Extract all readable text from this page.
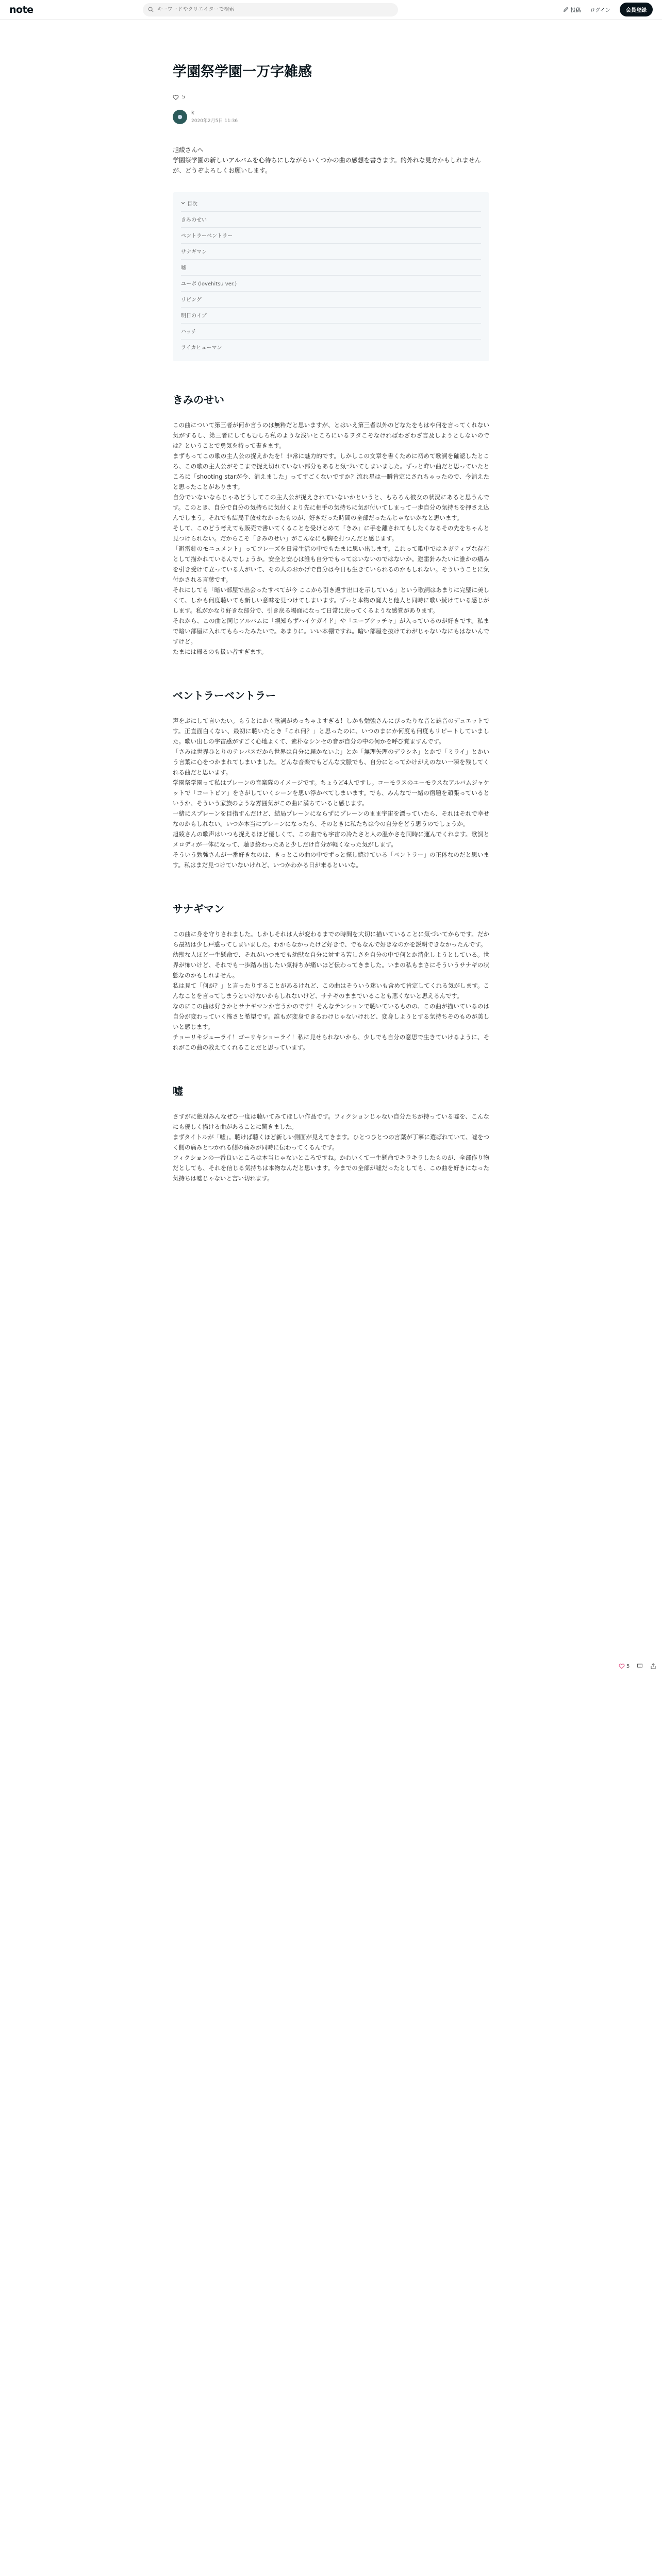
note
キーワードやクリエイターで検索	投稿 ログイン	会員登録
学園祭学園一万字雑感
5
●
k
2020年2月5日 11:36

旭綾さんへ

学園祭学園の新しいアルバムを心待ちにしながらいくつかの曲の感想を書きます。的外れな見方かもしれませんが、どうぞよろしくお願いします。

目次
きみのせい
ベントラーベントラー
サナギマン
嘘
ユーポ (lovehitsu ver.)
リビング
明日のイブ
ハッチ
ライカヒューマン
きみのせい

この曲について第三者が何か言うのは無粋だと思いますが、とはいえ第三者以外のどなたをもはや何を言ってくれない気がするし、第三者にしてもむしろ私のような浅いところにいるヲタこそなければわざわざ言及しようとしないのでは？ということで勇気を持って書きます。

まずもってこの歌の主人公の捉えかたを！非常に魅力的です。しかしこの文章を書くために初めて歌詞を確認したところ、この歌の主人公がそこまで捉え切れていない部分もあると気づいてしまいました。ずっと昨い曲だと思っていたところに「shooting starが今、消えました」ってすごくないですか？流れ星は一瞬肯定にされちゃったので、今消えたと思ったことがあります。

自分でいないならじゃあどうしてこの主人公が捉えきれていないかというと、もちろん彼女の状況にあると思うんです。このとき、自分で自分の気持ちに気付くより先に相手の気持ちに気が付いてしまって一歩自分の気持ちを押さえ込んでしまう。それでも結局手放せなかったものが、好きだった時間の全部だったんじゃないかなと思います。

そして、このどう考えても販売で書いてくることを受けとめて「きみ」に手を離されてもしたくなるその先をちゃんと見つけられない。だからこそ「きみのせい」がこんなにも胸を打つんだと感じます。

「避雷針のモニュメント」ってフレーズを日常生活の中でもたまに思い出します。これって歌中ではネガティブな存在として描かれているんでしょうか。安全と安心は誰も自分でもってはいないのではないか。避雷針みたいに誰かの痛みを引き受けて立っている人がいて、その人のおかげで自分は今日も生きていられるのかもしれない。そういうことに気付かされる言葉です。

それにしても「暗い部屋で出会ったすべてが今 ここから引き返す出口を示している」という歌詞はあまりに完璧に美しくて、しかも何度聴いても新しい意味を見つけてしまいます。ずっと本物の寛大と他人と同時に歌い続けている感じがします。私がかなり好きな部分で、引き戻る場面になって日常に戻ってくるような感覚があります。

それから、この曲と同じアルバムに「親知らずハイケガイド」や「ユーブケッチャ」が入っているのが好きです。私まで暗い部屋に入れてもらったみたいで。あまりに。いい本棚ですね。暗い部屋を抜けてわがじゃないなにもはないんですけど。

たまには帰るのも扱い者すぎます。

ベントラーベントラー

声をぶにして言いたい。もうとにかく歌詞がめっちゃよすぎる！しかも勉強さんにぴったりな音と雑音のデュエットです。正直面白くない、最初に聴いたとき「これ何？」と思ったのに、いつのまにか何度も何度もリピートしていました。歌い出しの宇宙感がすごく心地よくて、素朴なシンセの音が自分の中の何かを呼び覚ますんです。

「さみは世界ひとりのテレパスだから世界は自分に届かないよ」とか「無理矢理のデラシネ」とかで「ミライ」とかいう言葉に心をつかまれてしまいました。どんな音楽でもどんな文脈でも、自分にとってかけがえのない一瞬を残してくれる曲だと思います。

学園祭学園って私はプレーンの音楽隊のイメージです。ちょうど4人ですし。コーモラスのユーモラスなアルバムジャケットで「コートピア」をさがしていくシーンを思い浮かべてしまいます。でも、みんなで一緒の宿題を頑張っているというか、そういう家族のような雰囲気がこの曲に満ちていると感じます。

一緒にスプレーンを目指すんだけど、結局プレーンにならずにプレーンのまま宇宙を漂っていたら、それはそれで幸せなのかもしれない。いつか本当にプレーンになったら、そのときに私たちは今の自分をどう思うのでしょうか。

旭綾さんの歌声はいつも捉えるほど優しくて、この曲でも宇宙の冷たさと人の温かさを同時に運んでくれます。歌詞とメロディが一体になって、聴き終わったあと少しだけ自分が軽くなった気がします。

そういう勉強さんが一番好きなのは、きっとこの曲の中でずっと探し続けている「ベントラー」の正体なのだと思います。私はまだ見つけていないけれど、いつかわかる日が来るといいな。

サナギマン

この曲に身を守りされました。しかしそれは人が変わるまでの時間を大切に描いていることに気づいてからです。だから最初は少し戸惑ってしまいました。わからなかったけど好きで、でもなんで好きなのかを説明できなかったんです。

幼獣な人ほど一生懸命で、それがいつまでも幼獣な自分に対する苦しさを自分の中で何とか消化しようとしている。世界が怖いけど、それでも一歩踏み出したい気持ちが痛いほど伝わってきました。いまの私もまさにそういうサナギの状態なのかもしれません。

私は見て「何が？」と言ったりすることがあるけれど、この曲はそういう迷いも含めて肯定してくれる気がします。こんなことを言ってしまうといけないかもしれないけど、サナギのままでいることも悪くないと思えるんです。

なのにこの曲は好きかとサナギマンか言うかのです！そんなテンションで聴いているものの、この曲が描いているのは自分が変わっていく怖さと希望です。誰もが変身できるわけじゃないけれど、変身しようとする気持ちそのものが美しいと感じます。

チョーリキジュ—ライ！ゴーリキショーライ！私に見せられないから、少しでも自分の意思で生きていけるように、それがこの曲の教えてくれることだと思っています。

嘘

さすがに絶対みんなぜひ一度は聴いてみてほしい作品です。フィクションじゃない自分たちが持っている嘘を、こんなにも優しく描ける曲があることに驚きました。

まずタイトルが「嘘」。聴けば聴くほど新しい側面が見えてきます。ひとつひとつの言葉が丁寧に選ばれていて、嘘をつく側の痛みとつかれる側の痛みが同時に伝わってくるんです。

フィクションの一番良いところは本当じゃないところですね。かわいくて一生懸命でキラキラしたものが、全部作り物だとしても、それを信じる気持ちは本物なんだと思います。今までの全部が嘘だったとしても、この曲を好きになった気持ちは嘘じゃないと言い切れます。

5
